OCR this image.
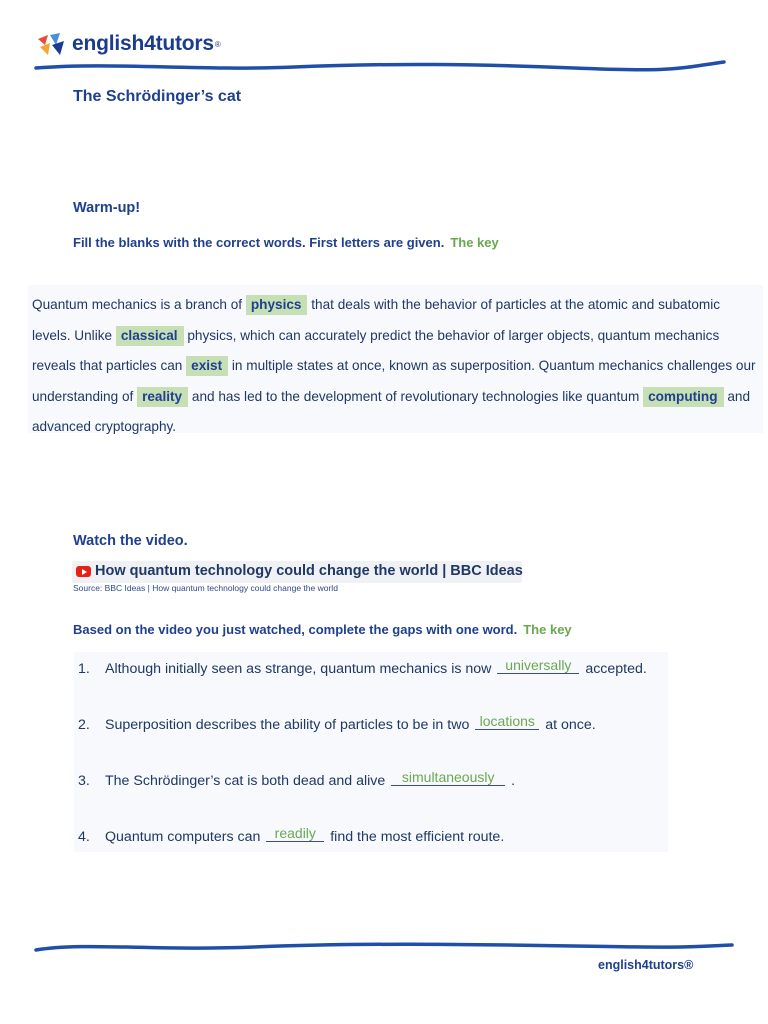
english4tutors ®
The Schrödinger’s cat
Warm-up!
Fill the blanks with the correct words. First letters are given. The key
Quantum mechanics is a branch of physics that deals with the behavior of particles at the atomic and subatomic levels. Unlike classical physics, which can accurately predict the behavior of larger objects, quantum mechanics reveals that particles can exist in multiple states at once, known as superposition. Quantum mechanics challenges our understanding of reality and has led to the development of revolutionary technologies like quantum computing and advanced cryptography.
Watch the video.
How quantum technology could change the world | BBC Ideas
Source: BBC Ideas | How quantum technology could change the world
Based on the video you just watched, complete the gaps with one word. The key
1. Although initially seen as strange, quantum mechanics is now universally accepted.
2. Superposition describes the ability of particles to be in two locations at once.
3. The Schrödinger’s cat is both dead and alive simultaneously .
4. Quantum computers can readily find the most efficient route.
english4tutors®
